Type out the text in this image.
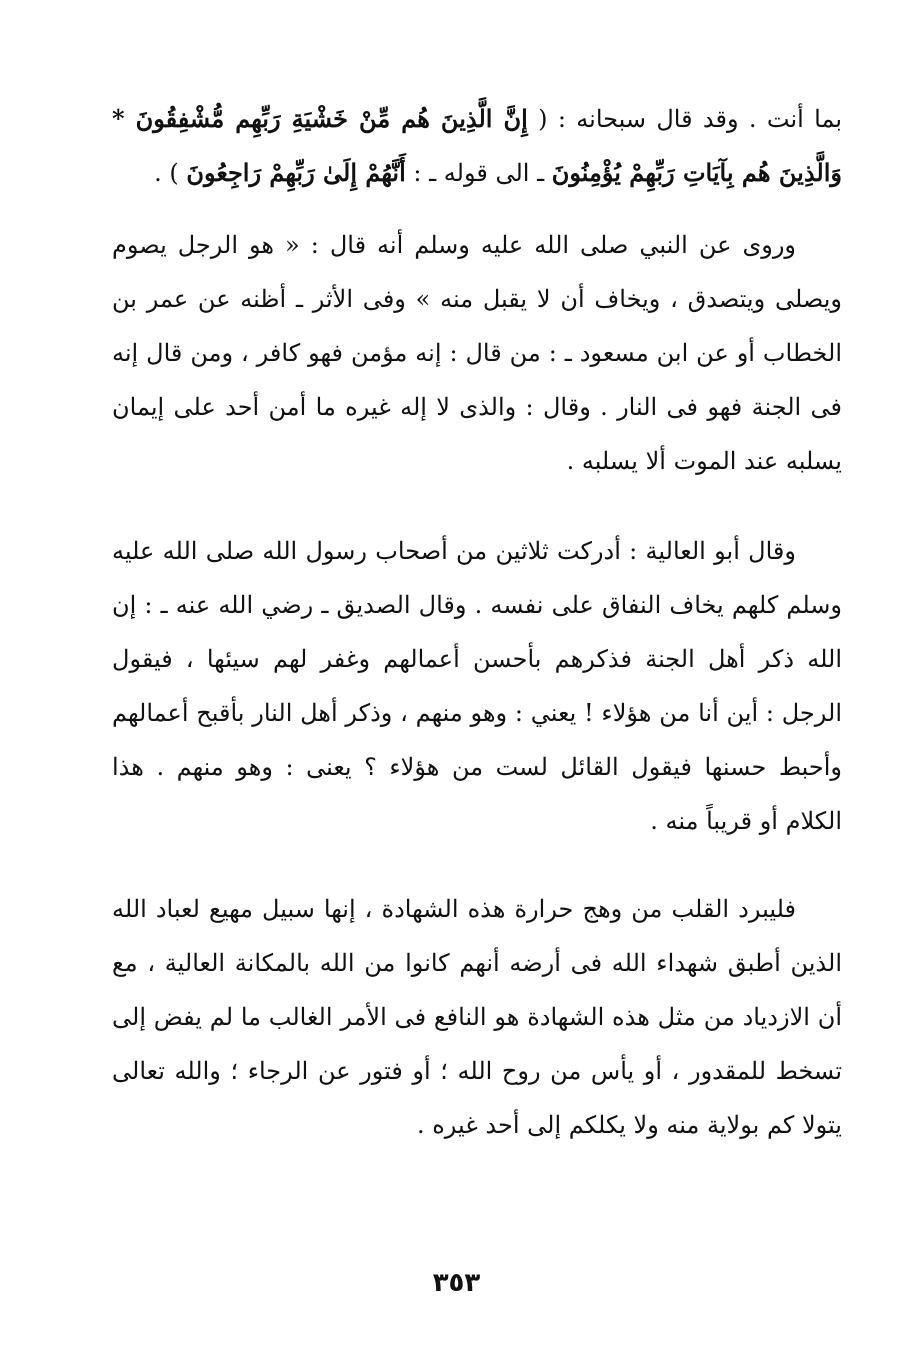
بما أنت . وقد قال سبحانه : ( إِنَّ الَّذِينَ هُم مِّنْ خَشْيَةِ رَبِّهِم مُّشْفِقُونَ * وَالَّذِينَ هُم بِآيَاتِ رَبِّهِمْ يُؤْمِنُونَ ـ الى قوله ـ : أَنَّهُمْ إِلَىٰ رَبِّهِمْ رَاجِعُونَ ) .

وروى عن النبي صلى الله عليه وسلم أنه قال : « هو الرجل يصوم ويصلى ويتصدق ، ويخاف أن لا يقبل منه » وفى الأثر ـ أظنه عن عمر بن الخطاب أو عن ابن مسعود ـ : من قال : إنه مؤمن فهو كافر ، ومن قال إنه فى الجنة فهو فى النار . وقال : والذى لا إله غيره ما أمن أحد على إيمان يسلبه عند الموت ألا يسلبه .

وقال أبو العالية : أدركت ثلاثين من أصحاب رسول الله صلى الله عليه وسلم كلهم يخاف النفاق على نفسه . وقال الصديق ـ رضي الله عنه ـ : إن الله ذكر أهل الجنة فذكرهم بأحسن أعمالهم وغفر لهم سيئها ، فيقول الرجل : أين أنا من هؤلاء ! يعني : وهو منهم ، وذكر أهل النار بأقبح أعمالهم وأحبط حسنها فيقول القائل لست من هؤلاء ؟ يعنى : وهو منهم . هذا الكلام أو قريباً منه .

فليبرد القلب من وهج حرارة هذه الشهادة ، إنها سبيل مهيع لعباد الله الذين أطبق شهداء الله فى أرضه أنهم كانوا من الله بالمكانة العالية ، مع أن الازدياد من مثل هذه الشهادة هو النافع فى الأمر الغالب ما لم يفض إلى تسخط للمقدور ، أو يأس من روح الله ؛ أو فتور عن الرجاء ؛ والله تعالى يتولا كم بولاية منه ولا يكلكم إلى أحد غيره .

٣٥٣
